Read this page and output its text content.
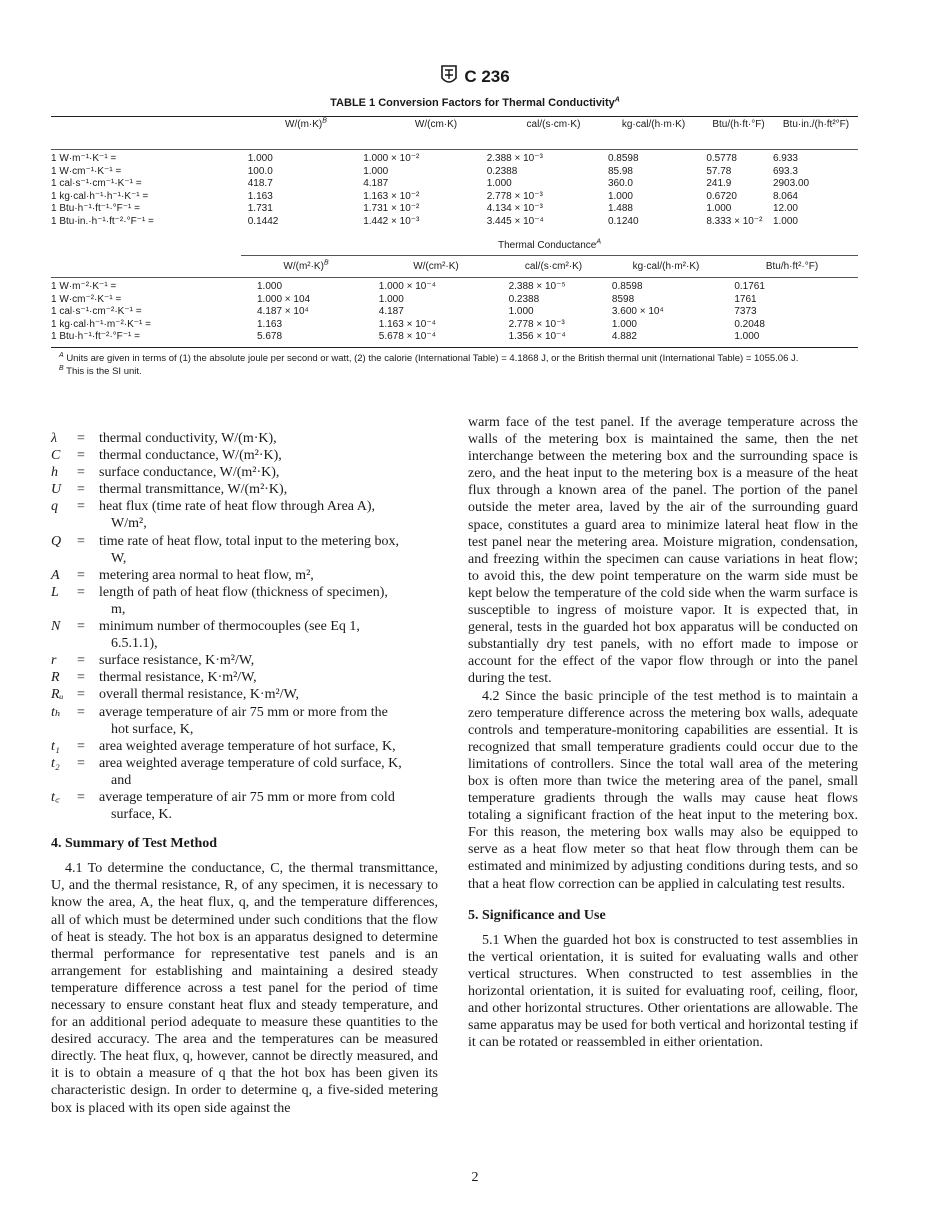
C 236
TABLE 1 Conversion Factors for Thermal Conductivity$^A$
$W/(m\cdot K)^B$	W/(cm·K)	cal/(s·cm·K)	kg·cal/(h·m·K)	Btu/(h·ft·°F)	Btu·in./(h·ft²°F)
1 W·m⁻¹·K⁻¹ =	1.000	1.000 × 10⁻²	2.388 × 10⁻³	0.8598	0.5778	6.933
1 W·cm⁻¹·K⁻¹ =	100.0	1.000	0.2388	85.98	57.78	693.3
1 cal·s⁻¹·cm⁻¹·K⁻¹ =	418.7	4.187	1.000	360.0	241.9	2903.00
1 kg·cal·h⁻¹·h⁻¹·K⁻¹ =	1.163	1.163 × 10⁻²	2.778 × 10⁻³	1.000	0.6720	8.064
1 Btu·h⁻¹·ft⁻¹·°F⁻¹ =	1.731	1.731 × 10⁻²	4.134 × 10⁻³	1.488	1.000	12.00
1 Btu·in.·h⁻¹·ft⁻²·°F⁻¹ =	0.1442	1.442 × 10⁻³	3.445 × 10⁻⁴	0.1240	8.333 × 10⁻²	1.000
Thermal Conductance$^A$
$W/(m^2\cdot K)^B$	W/(cm²·K)	cal/(s·cm²·K)	kg·cal/(h·m²·K)	Btu/h·ft²·°F)
1 W·m⁻²·K⁻¹ =	1.000	1.000 × 10⁻⁴	2.388 × 10⁻⁵	0.8598	0.1761
1 W·cm⁻²·K⁻¹ =	1.000 × 104	1.000	0.2388	8598	1761
1 cal·s⁻¹·cm⁻²·K⁻¹ =	4.187 × 10⁴	4.187	1.000	3.600 × 10⁴	7373
1 kg·cal·h⁻¹·m⁻²·K⁻¹ =	1.163	1.163 × 10⁻⁴	2.778 × 10⁻³	1.000	0.2048
1 Btu·h⁻¹·ft⁻²·°F⁻¹ =	5.678	5.678 × 10⁻⁴	1.356 × 10⁻⁴	4.882	1.000

$^A$ Units are given in terms of (1) the absolute joule per second or watt, (2) the calorie (International Table) = 4.1868 J, or the British thermal unit (International Table) = 1055.06 J.

$^B$ This is the SI unit.

λ	=	thermal conductivity, W/(m·K),
C	=	thermal conductance, W/(m²·K),
h	=	surface conductance, W/(m²·K),
U	=	thermal transmittance, W/(m²·K),
q	=	heat flux (time rate of heat flow through Area A),
W/m²,
Q	=	time rate of heat flow, total input to the metering box,
W,
A	=	metering area normal to heat flow, m²,
L	=	length of path of heat flow (thickness of specimen),
m,
N	=	minimum number of thermocouples (see Eq 1,
6.5.1.1),
r	=	surface resistance, K·m²/W,
R	=	thermal resistance, K·m²/W,
Rᵤ =	overall thermal resistance, K·m²/W,
tₕ	=	average temperature of air 75 mm or more from the
hot surface, K,
t₁	=	area weighted average temperature of hot surface, K,
t₂	=	area weighted average temperature of cold surface, K,
and
t꜀	=	average temperature of air 75 mm or more from cold
surface, K.
4. Summary of Test Method

4.1 To determine the conductance, C, the thermal transmittance, U, and the thermal resistance, R, of any specimen, it is necessary to know the area, A, the heat flux, q, and the temperature differences, all of which must be determined under such conditions that the flow of heat is steady. The hot box is an apparatus designed to determine thermal performance for representative test panels and is an arrangement for establishing and maintaining a desired steady temperature difference across a test panel for the period of time necessary to ensure constant heat flux and steady temperature, and for an additional period adequate to measure these quantities to the desired accuracy. The area and the temperatures can be measured directly. The heat flux, q, however, cannot be directly measured, and it is to obtain a measure of q that the hot box has been given its characteristic design. In order to determine q, a five-sided metering box is placed with its open side against the

warm face of the test panel. If the average temperature across the walls of the metering box is maintained the same, then the net interchange between the metering box and the surrounding space is zero, and the heat input to the metering box is a measure of the heat flux through a known area of the panel. The portion of the panel outside the meter area, laved by the air of the surrounding guard space, constitutes a guard area to minimize lateral heat flow in the test panel near the metering area. Moisture migration, condensation, and freezing within the specimen can cause variations in heat flow; to avoid this, the dew point temperature on the warm side must be kept below the temperature of the cold side when the warm surface is susceptible to ingress of moisture vapor. It is expected that, in general, tests in the guarded hot box apparatus will be conducted on substantially dry test panels, with no effort made to impose or account for the effect of the vapor flow through or into the panel during the test.

4.2 Since the basic principle of the test method is to maintain a zero temperature difference across the metering box walls, adequate controls and temperature-monitoring capabilities are essential. It is recognized that small temperature gradients could occur due to the limitations of controllers. Since the total wall area of the metering box is often more than twice the metering area of the panel, small temperature gradients through the walls may cause heat flows totaling a significant fraction of the heat input to the metering box. For this reason, the metering box walls may also be equipped to serve as a heat flow meter so that heat flow through them can be estimated and minimized by adjusting conditions during tests, and so that a heat flow correction can be applied in calculating test results.

5. Significance and Use

5.1 When the guarded hot box is constructed to test assemblies in the vertical orientation, it is suited for evaluating walls and other vertical structures. When constructed to test assemblies in the horizontal orientation, it is suited for evaluating roof, ceiling, floor, and other horizontal structures. Other orientations are allowable. The same apparatus may be used for both vertical and horizontal testing if it can be rotated or reassembled in either orientation.

2
